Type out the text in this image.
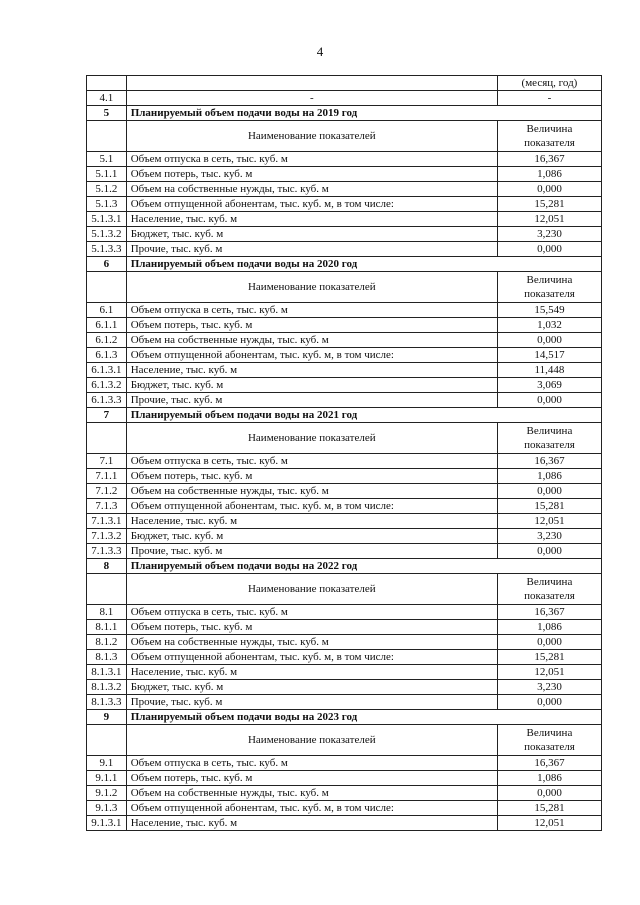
4
		(месяц, год)
4.1	-	-
5	Планируемый объем подачи воды на 2019 год	
	Наименование показателей	Величина
показателя

5.1	Объем отпуска в сеть, тыс. куб. м	16,367
5.1.1	Объем потерь, тыс. куб. м	1,086
5.1.2	Объем на собственные нужды, тыс. куб. м	0,000
5.1.3	Объем отпущенной абонентам, тыс. куб. м, в том числе:	15,281
5.1.3.1	Население, тыс. куб. м	12,051
5.1.3.2	Бюджет, тыс. куб. м	3,230
5.1.3.3	Прочие, тыс. куб. м	0,000
6	Планируемый объем подачи воды на 2020 год	
	Наименование показателей	Величина
показателя

6.1	Объем отпуска в сеть, тыс. куб. м	15,549
6.1.1	Объем потерь, тыс. куб. м	1,032
6.1.2	Объем на собственные нужды, тыс. куб. м	0,000
6.1.3	Объем отпущенной абонентам, тыс. куб. м, в том числе:	14,517
6.1.3.1	Население, тыс. куб. м	11,448
6.1.3.2	Бюджет, тыс. куб. м	3,069
6.1.3.3	Прочие, тыс. куб. м	0,000
7	Планируемый объем подачи воды на 2021 год	
	Наименование показателей	Величина
показателя

7.1	Объем отпуска в сеть, тыс. куб. м	16,367
7.1.1	Объем потерь, тыс. куб. м	1,086
7.1.2	Объем на собственные нужды, тыс. куб. м	0,000
7.1.3	Объем отпущенной абонентам, тыс. куб. м, в том числе:	15,281
7.1.3.1	Население, тыс. куб. м	12,051
7.1.3.2	Бюджет, тыс. куб. м	3,230
7.1.3.3	Прочие, тыс. куб. м	0,000
8	Планируемый объем подачи воды на 2022 год	
	Наименование показателей	Величина
показателя

8.1	Объем отпуска в сеть, тыс. куб. м	16,367
8.1.1	Объем потерь, тыс. куб. м	1,086
8.1.2	Объем на собственные нужды, тыс. куб. м	0,000
8.1.3	Объем отпущенной абонентам, тыс. куб. м, в том числе:	15,281
8.1.3.1	Население, тыс. куб. м	12,051
8.1.3.2	Бюджет, тыс. куб. м	3,230
8.1.3.3	Прочие, тыс. куб. м	0,000
9	Планируемый объем подачи воды на 2023 год	
	Наименование показателей	Величина
показателя

9.1	Объем отпуска в сеть, тыс. куб. м	16,367
9.1.1	Объем потерь, тыс. куб. м	1,086
9.1.2	Объем на собственные нужды, тыс. куб. м	0,000
9.1.3	Объем отпущенной абонентам, тыс. куб. м, в том числе:	15,281
9.1.3.1	Население, тыс. куб. м	12,051
